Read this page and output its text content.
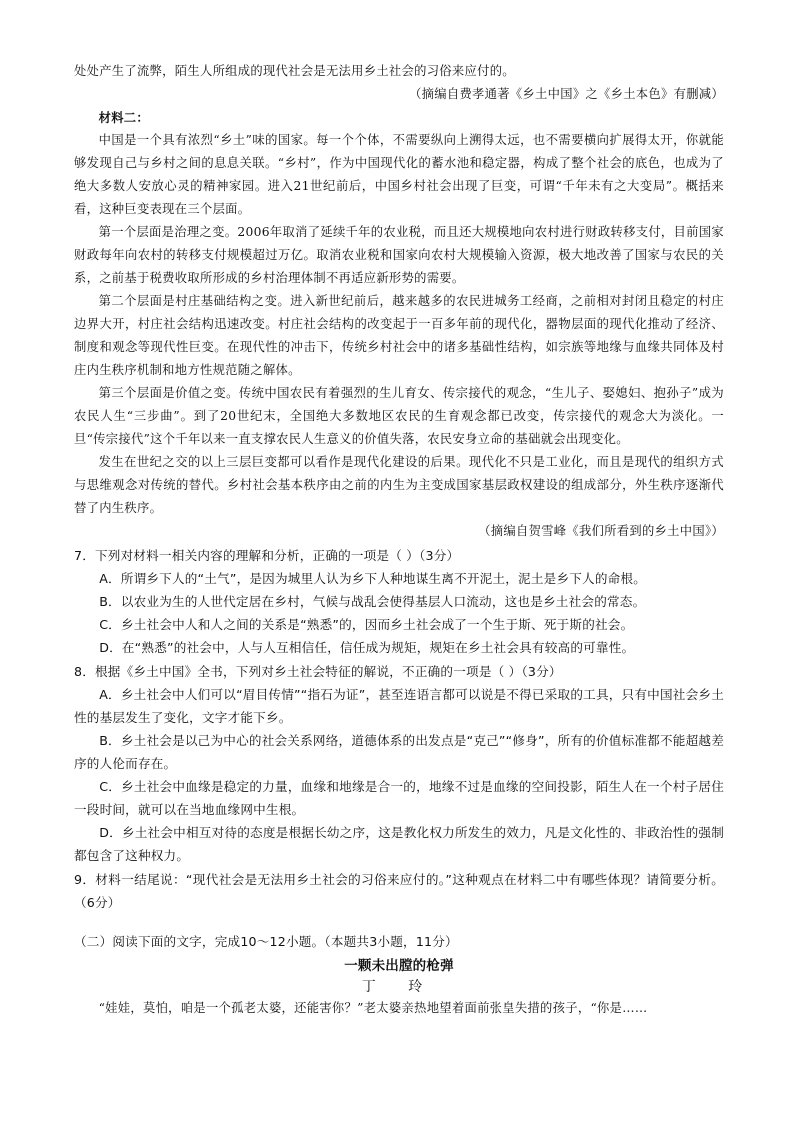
处处产生了流弊，陌生人所组成的现代社会是无法用乡土社会的习俗来应付的。

（摘编自费孝通著《乡土中国》之《乡土本色》有删减）

材料二：

中国是一个具有浓烈“乡土”味的国家。每一个个体，不需要纵向上溯得太远，也不需要横向扩展得太开，你就能够发现自己与乡村之间的息息关联。“乡村”，作为中国现代化的蓄水池和稳定器，构成了整个社会的底色，也成为了绝大多数人安放心灵的精神家园。进入21世纪前后，中国乡村社会出现了巨变，可谓“千年未有之大变局”。概括来看，这种巨变表现在三个层面。

第一个层面是治理之变。2006年取消了延续千年的农业税，而且还大规模地向农村进行财政转移支付，目前国家财政每年向农村的转移支付规模超过万亿。取消农业税和国家向农村大规模输入资源，极大地改善了国家与农民的关系，之前基于税费收取所形成的乡村治理体制不再适应新形势的需要。

第二个层面是村庄基础结构之变。进入新世纪前后，越来越多的农民进城务工经商，之前相对封闭且稳定的村庄边界大开，村庄社会结构迅速改变。村庄社会结构的改变起于一百多年前的现代化，器物层面的现代化推动了经济、制度和观念等现代性巨变。在现代性的冲击下，传统乡村社会中的诸多基础性结构，如宗族等地缘与血缘共同体及村庄内生秩序机制和地方性规范随之解体。

第三个层面是价值之变。传统中国农民有着强烈的生儿育女、传宗接代的观念，“生儿子、娶媳妇、抱孙子”成为农民人生“三步曲”。到了20世纪末，全国绝大多数地区农民的生育观念都已改变，传宗接代的观念大为淡化。一旦“传宗接代”这个千年以来一直支撑农民人生意义的价值失落，农民安身立命的基础就会出现变化。

发生在世纪之交的以上三层巨变都可以看作是现代化建设的后果。现代化不只是工业化，而且是现代的组织方式与思维观念对传统的替代。乡村社会基本秩序由之前的内生为主变成国家基层政权建设的组成部分，外生秩序逐渐代替了内生秩序。

（摘编自贺雪峰《我们所看到的乡土中国》）

7．下列对材料一相关内容的理解和分析，正确的一项是（ ）（3分）

A．所谓乡下人的“土气”，是因为城里人认为乡下人种地谋生离不开泥土，泥土是乡下人的命根。

B．以农业为生的人世代定居在乡村，气候与战乱会使得基层人口流动，这也是乡土社会的常态。

C．乡土社会中人和人之间的关系是“熟悉”的，因而乡土社会成了一个生于斯、死于斯的社会。

D．在“熟悉”的社会中，人与人互相信任，信任成为规矩，规矩在乡土社会具有较高的可靠性。

8．根据《乡土中国》全书，下列对乡土社会特征的解说，不正确的一项是（ ）（3分）

A．乡土社会中人们可以“眉目传情”“指石为证”，甚至连语言都可以说是不得已采取的工具，只有中国社会乡土性的基层发生了变化，文字才能下乡。

B．乡土社会是以己为中心的社会关系网络，道德体系的出发点是“克己”“修身”，所有的价值标准都不能超越差序的人伦而存在。

C．乡土社会中血缘是稳定的力量，血缘和地缘是合一的，地缘不过是血缘的空间投影，陌生人在一个村子居住一段时间，就可以在当地血缘网中生根。

D．乡土社会中相互对待的态度是根据长幼之序，这是教化权力所发生的效力，凡是文化性的、非政治性的强制都包含了这种权力。

9．材料一结尾说：“现代社会是无法用乡土社会的习俗来应付的。”这种观点在材料二中有哪些体现？请简要分析。（6分）

（二）阅读下面的文字，完成10～12小题。（本题共3小题，11分）

一颗未出膛的枪弹

丁 玲

“娃娃，莫怕，咱是一个孤老太婆，还能害你？”老太婆亲热地望着面前张皇失措的孩子，“你是……
